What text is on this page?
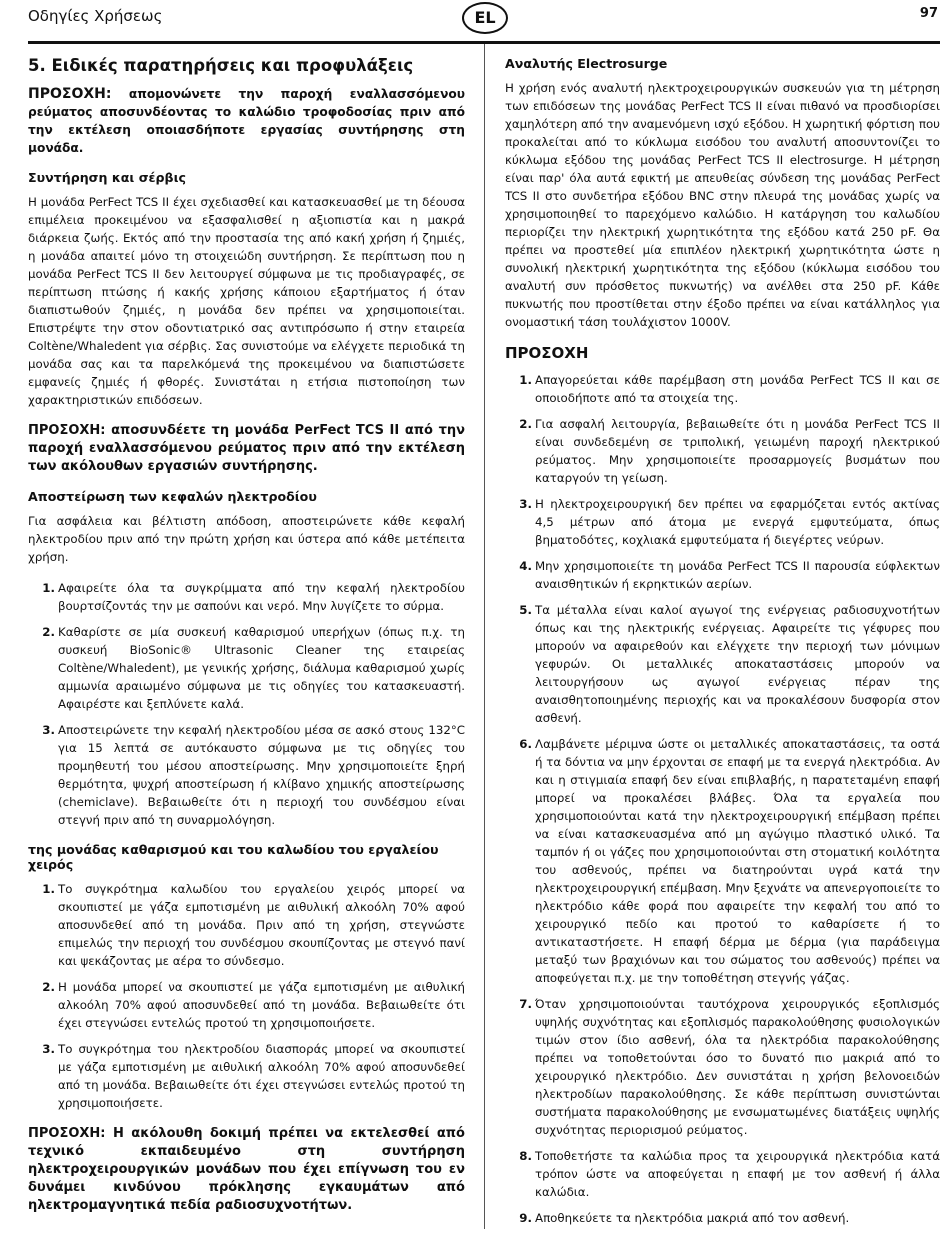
Οδηγίες Χρήσεως	EL	97
5. Ειδικές παρατηρήσεις και προφυλάξεις
ΠΡΟΣΟΧΗ: απομονώνετε την παροχή εναλλασσόμενου ρεύματος αποσυνδέοντας το καλώδιο τροφοδοσίας πριν από την εκτέλεση οποιασδήποτε εργασίας συντήρησης στη μονάδα.
Συντήρηση και σέρβις
Η μονάδα PerFect TCS II έχει σχεδιασθεί και κατασκευασθεί με τη δέουσα επιμέλεια προκειμένου να εξασφαλισθεί η αξιοπιστία και η μακρά διάρκεια ζωής. Εκτός από την προστασία της από κακή χρήση ή ζημιές, η μονάδα απαιτεί μόνο τη στοιχειώδη συντήρηση. Σε περίπτωση που η μονάδα PerFect TCS II δεν λειτουργεί σύμφωνα με τις προδιαγραφές, σε περίπτωση πτώσης ή κακής χρήσης κάποιου εξαρτήματος ή όταν διαπιστωθούν ζημιές, η μονάδα δεν πρέπει να χρησιμοποιείται. Επιστρέψτε την στον οδοντιατρικό σας αντιπρόσωπο ή στην εταιρεία Coltène/Whaledent για σέρβις. Σας συνιστούμε να ελέγχετε περιοδικά τη μονάδα σας και τα παρελκόμενά της προκειμένου να διαπιστώσετε εμφανείς ζημιές ή φθορές. Συνιστάται η ετήσια πιστοποίηση των χαρακτηριστικών επιδόσεων.
ΠΡΟΣΟΧΗ: αποσυνδέετε τη μονάδα PerFect TCS II από την παροχή εναλλασσόμενου ρεύματος πριν από την εκτέλεση των ακόλουθων εργασιών συντήρησης.
Αποστείρωση των κεφαλών ηλεκτροδίου
Για ασφάλεια και βέλτιστη απόδοση, αποστειρώνετε κάθε κεφαλή ηλεκτροδίου πριν από την πρώτη χρήση και ύστερα από κάθε μετέπειτα χρήση.
1. Αφαιρείτε όλα τα συγκρίμματα από την κεφαλή ηλεκτροδίου βουρτσίζοντάς την με σαπούνι και νερό. Μην λυγίζετε το σύρμα.
2. Καθαρίστε σε μία συσκευή καθαρισμού υπερήχων (όπως π.χ. τη συσκευή BioSonic® Ultrasonic Cleaner της εταιρείας Coltène/Whaledent), με γενικής χρήσης, διάλυμα καθαρισμού χωρίς αμμωνία αραιωμένο σύμφωνα με τις οδηγίες του κατασκευαστή. Αφαιρέστε και ξεπλύνετε καλά.
3. Αποστειρώνετε την κεφαλή ηλεκτροδίου μέσα σε ασκό στους 132°C για 15 λεπτά σε αυτόκαυστο σύμφωνα με τις οδηγίες του προμηθευτή του μέσου αποστείρωσης. Μην χρησιμοποιείτε ξηρή θερμότητα, ψυχρή αποστείρωση ή κλίβανο χημικής αποστείρωσης (chemiclave). Βεβαιωθείτε ότι η περιοχή του συνδέσμου είναι στεγνή πριν από τη συναρμολόγηση.
της μονάδας καθαρισμού και του καλωδίου του εργαλείου χειρός
1. Το συγκρότημα καλωδίου του εργαλείου χειρός μπορεί να σκουπιστεί με γάζα εμποτισμένη με αιθυλική αλκοόλη 70% αφού αποσυνδεθεί από τη μονάδα. Πριν από τη χρήση, στεγνώστε επιμελώς την περιοχή του συνδέσμου σκουπίζοντας με στεγνό πανί και ψεκάζοντας με αέρα το σύνδεσμο.
2. Η μονάδα μπορεί να σκουπιστεί με γάζα εμποτισμένη με αιθυλική αλκοόλη 70% αφού αποσυνδεθεί από τη μονάδα. Βεβαιωθείτε ότι έχει στεγνώσει εντελώς προτού τη χρησιμοποιήσετε.
3. Το συγκρότημα του ηλεκτροδίου διασποράς μπορεί να σκουπιστεί με γάζα εμποτισμένη με αιθυλική αλκοόλη 70% αφού αποσυνδεθεί από τη μονάδα. Βεβαιωθείτε ότι έχει στεγνώσει εντελώς προτού τη χρησιμοποιήσετε.
ΠΡΟΣΟΧΗ: Η ακόλουθη δοκιμή πρέπει να εκτελεσθεί από τεχνικό εκπαιδευμένο στη συντήρηση ηλεκτροχειρουργικών μονάδων που έχει επίγνωση του εν δυνάμει κινδύνου πρόκλησης εγκαυμάτων από ηλεκτρομαγνητικά πεδία ραδιοσυχνοτήτων.
Αναλυτής Electrosurge
Η χρήση ενός αναλυτή ηλεκτροχειρουργικών συσκευών για τη μέτρηση των επιδόσεων της μονάδας PerFect TCS II είναι πιθανό να προσδιορίσει χαμηλότερη από την αναμενόμενη ισχύ εξόδου. Η χωρητική φόρτιση που προκαλείται από το κύκλωμα εισόδου του αναλυτή αποσυντονίζει το κύκλωμα εξόδου της μονάδας PerFect TCS II electrosurge. Η μέτρηση είναι παρ' όλα αυτά εφικτή με απευθείας σύνδεση της μονάδας PerFect TCS II στο συνδετήρα εξόδου BNC στην πλευρά της μονάδας χωρίς να χρησιμοποιηθεί το παρεχόμενο καλώδιο. Η κατάργηση του καλωδίου περιορίζει την ηλεκτρική χωρητικότητα της εξόδου κατά 250 pF. Θα πρέπει να προστεθεί μία επιπλέον ηλεκτρική χωρητικότητα ώστε η συνολική ηλεκτρική χωρητικότητα της εξόδου (κύκλωμα εισόδου του αναλυτή συν πρόσθετος πυκνωτής) να ανέλθει στα 250 pF. Κάθε πυκνωτής που προστίθεται στην έξοδο πρέπει να είναι κατάλληλος για ονομαστική τάση τουλάχιστον 1000V.
ΠΡΟΣΟΧΗ
1. Απαγορεύεται κάθε παρέμβαση στη μονάδα PerFect TCS II και σε οποιοδήποτε από τα στοιχεία της.
2. Για ασφαλή λειτουργία, βεβαιωθείτε ότι η μονάδα PerFect TCS II είναι συνδεδεμένη σε τριπολική, γειωμένη παροχή ηλεκτρικού ρεύματος. Μην χρησιμοποιείτε προσαρμογείς βυσμάτων που καταργούν τη γείωση.
3. Η ηλεκτροχειρουργική δεν πρέπει να εφαρμόζεται εντός ακτίνας 4,5 μέτρων από άτομα με ενεργά εμφυτεύματα, όπως βηματοδότες, κοχλιακά εμφυτεύματα ή διεγέρτες νεύρων.
4. Μην χρησιμοποιείτε τη μονάδα PerFect TCS II παρουσία εύφλεκτων αναισθητικών ή εκρηκτικών αερίων.
5. Τα μέταλλα είναι καλοί αγωγοί της ενέργειας ραδιοσυχνοτήτων όπως και της ηλεκτρικής ενέργειας. Αφαιρείτε τις γέφυρες που μπορούν να αφαιρεθούν και ελέγχετε την περιοχή των μόνιμων γεφυρών. Οι μεταλλικές αποκαταστάσεις μπορούν να λειτουργήσουν ως αγωγοί ενέργειας πέραν της αναισθητοποιημένης περιοχής και να προκαλέσουν δυσφορία στον ασθενή.
6. Λαμβάνετε μέριμνα ώστε οι μεταλλικές αποκαταστάσεις, τα οστά ή τα δόντια να μην έρχονται σε επαφή με τα ενεργά ηλεκτρόδια. Αν και η στιγμιαία επαφή δεν είναι επιβλαβής, η παρατεταμένη επαφή μπορεί να προκαλέσει βλάβες. Όλα τα εργαλεία που χρησιμοποιούνται κατά την ηλεκτροχειρουργική επέμβαση πρέπει να είναι κατασκευασμένα από μη αγώγιμο πλαστικό υλικό. Τα ταμπόν ή οι γάζες που χρησιμοποιούνται στη στοματική κοιλότητα του ασθενούς, πρέπει να διατηρούνται υγρά κατά την ηλεκτροχειρουργική επέμβαση. Μην ξεχνάτε να απενεργοποιείτε το ηλεκτρόδιο κάθε φορά που αφαιρείτε την κεφαλή του από το χειρουργικό πεδίο και προτού το καθαρίσετε ή το αντικαταστήσετε. Η επαφή δέρμα με δέρμα (για παράδειγμα μεταξύ των βραχιόνων και του σώματος του ασθενούς) πρέπει να αποφεύγεται π.χ. με την τοποθέτηση στεγνής γάζας.
7. Όταν χρησιμοποιούνται ταυτόχρονα χειρουργικός εξοπλισμός υψηλής συχνότητας και εξοπλισμός παρακολούθησης φυσιολογικών τιμών στον ίδιο ασθενή, όλα τα ηλεκτρόδια παρακολούθησης πρέπει να τοποθετούνται όσο το δυνατό πιο μακριά από το χειρουργικό ηλεκτρόδιο. Δεν συνιστάται η χρήση βελονοειδών ηλεκτροδίων παρακολούθησης. Σε κάθε περίπτωση συνιστώνται συστήματα παρακολούθησης με ενσωματωμένες διατάξεις υψηλής συχνότητας περιορισμού ρεύματος.
8. Τοποθετήστε τα καλώδια προς τα χειρουργικά ηλεκτρόδια κατά τρόπον ώστε να αποφεύγεται η επαφή με τον ασθενή ή άλλα καλώδια.
9. Αποθηκεύετε τα ηλεκτρόδια μακριά από τον ασθενή.
